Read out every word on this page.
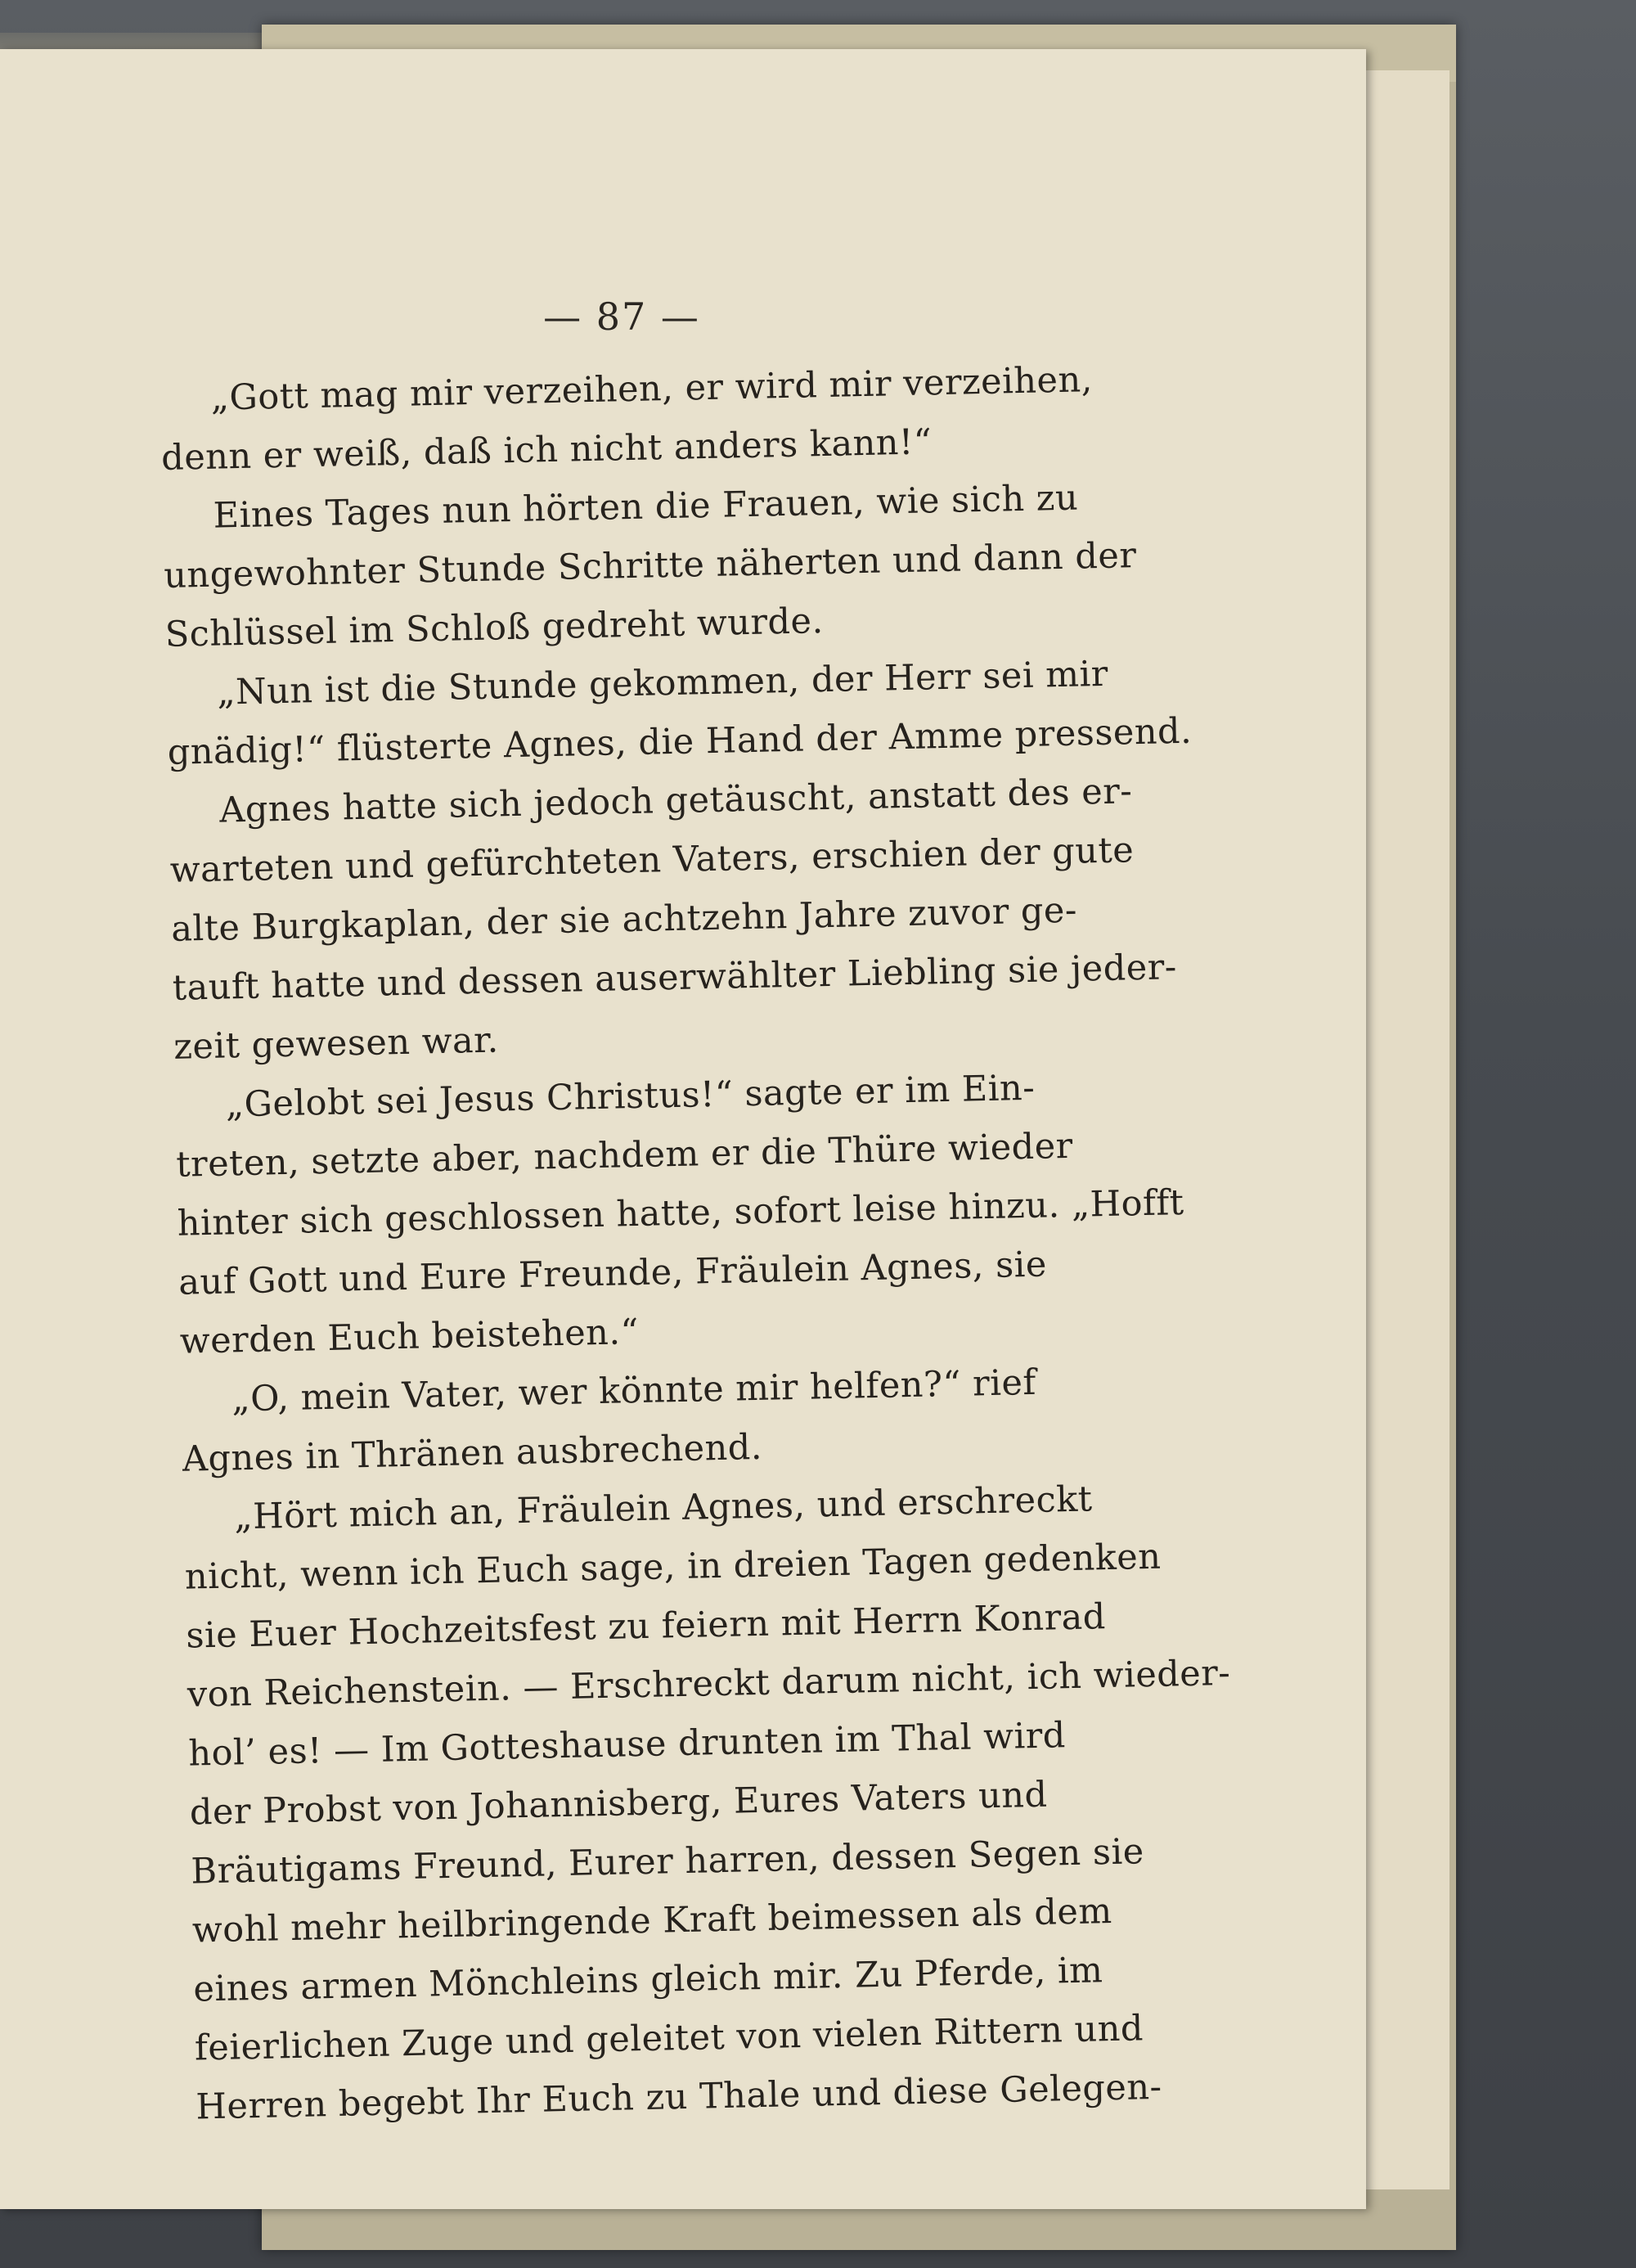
— 87 —
„Gott mag mir verzeihen, er wird mir verzeihen,
denn er weiß, daß ich nicht anders kann!“
Eines Tages nun hörten die Frauen, wie sich zu
ungewohnter Stunde Schritte näherten und dann der
Schlüssel im Schloß gedreht wurde.
„Nun ist die Stunde gekommen, der Herr sei mir
gnädig!“ flüsterte Agnes, die Hand der Amme pressend.
Agnes hatte sich jedoch getäuscht, anstatt des er-
warteten und gefürchteten Vaters, erschien der gute
alte Burgkaplan, der sie achtzehn Jahre zuvor ge-
tauft hatte und dessen auserwählter Liebling sie jeder-
zeit gewesen war.
„Gelobt sei Jesus Christus!“ sagte er im Ein-
treten, setzte aber, nachdem er die Thüre wieder
hinter sich geschlossen hatte, sofort leise hinzu. „Hofft
auf Gott und Eure Freunde, Fräulein Agnes, sie
werden Euch beistehen.“
„O, mein Vater, wer könnte mir helfen?“ rief
Agnes in Thränen ausbrechend.
„Hört mich an, Fräulein Agnes, und erschreckt
nicht, wenn ich Euch sage, in dreien Tagen gedenken
sie Euer Hochzeitsfest zu feiern mit Herrn Konrad
von Reichenstein. — Erschreckt darum nicht, ich wieder-
hol’ es! — Im Gotteshause drunten im Thal wird
der Probst von Johannisberg, Eures Vaters und
Bräutigams Freund, Eurer harren, dessen Segen sie
wohl mehr heilbringende Kraft beimessen als dem
eines armen Mönchleins gleich mir. Zu Pferde, im
feierlichen Zuge und geleitet von vielen Rittern und
Herren begebt Ihr Euch zu Thale und diese Gelegen-
